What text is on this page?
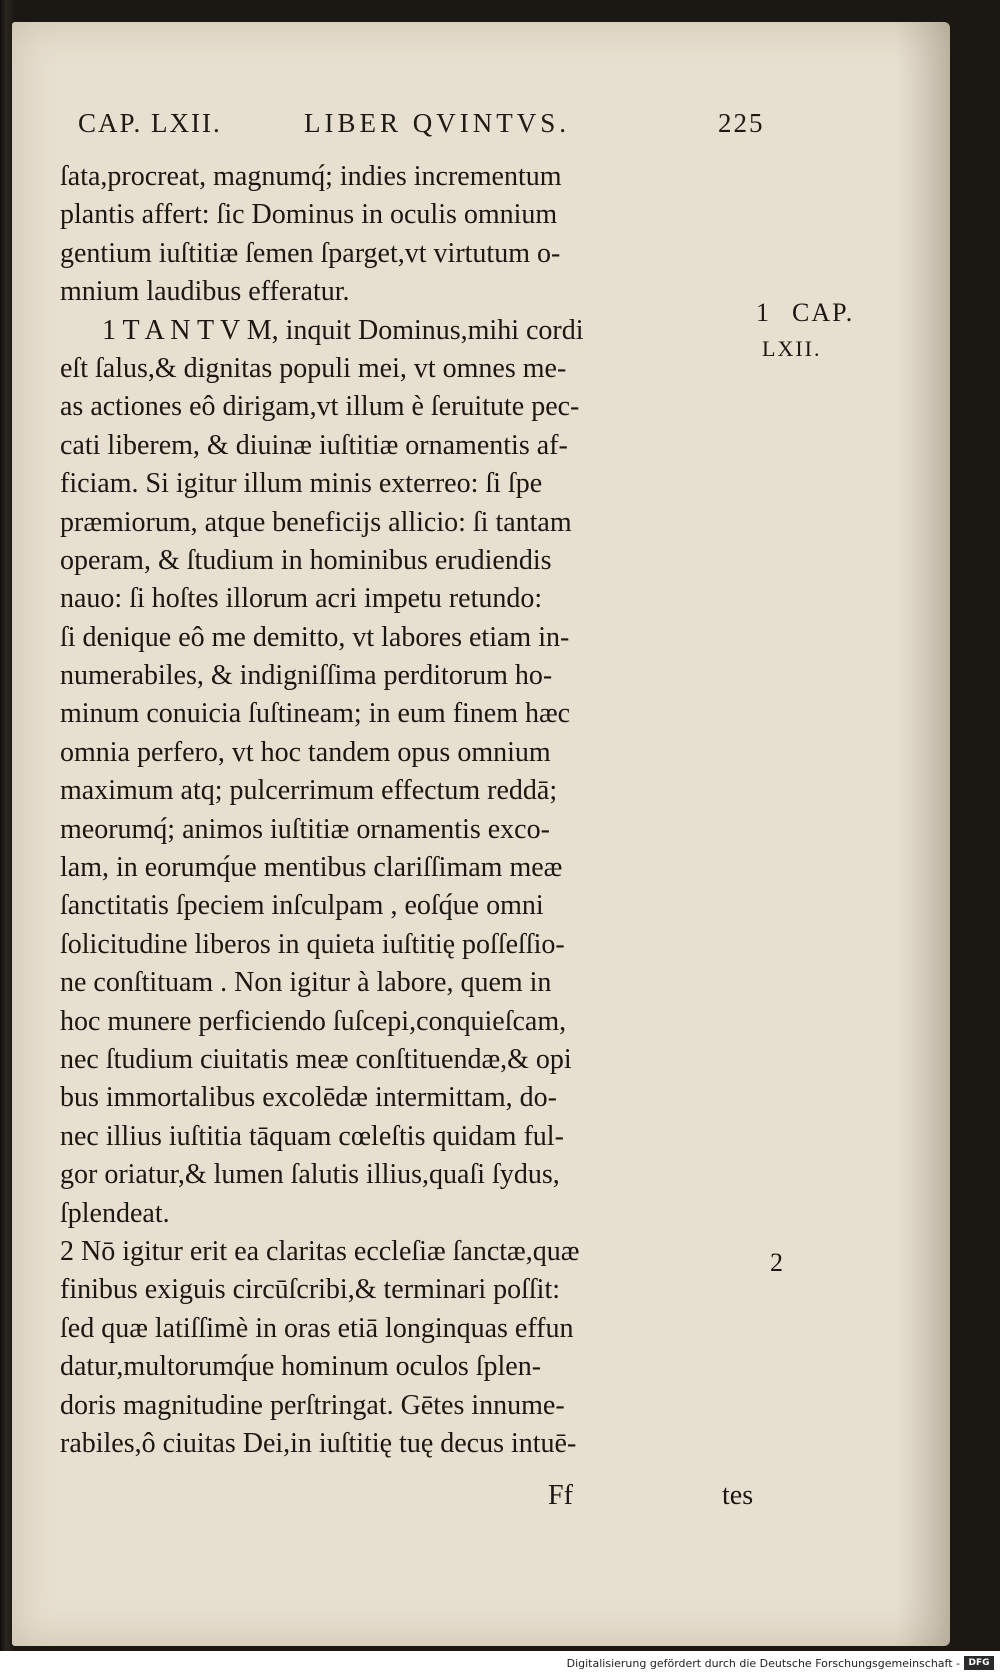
CAP. LXII.	LIBER QVINTVS.	225
ſata,procreat, magnumq́; indies incrementum
plantis affert: ſic Dominus in oculis omnium
gentium iuſtitiæ ſemen ſparget,vt virtutum o-
mnium laudibus efferatur.
1 T A N T V M, inquit Dominus,mihi cordi
eſt ſalus,& dignitas populi mei, vt omnes me-
as actiones eô dirigam,vt illum è ſeruitute pec-
cati liberem, & diuinæ iuſtitiæ ornamentis af-
ficiam. Si igitur illum minis exterreo: ſi ſpe
præmiorum, atque beneficijs allicio: ſi tantam
operam, & ſtudium in hominibus erudiendis
nauo: ſi hoſtes illorum acri impetu retundo:
ſi denique eô me demitto, vt labores etiam in-
numerabiles, & indigniſſima perditorum ho-
minum conuicia ſuſtineam; in eum finem hæc
omnia perfero, vt hoc tandem opus omnium
maximum atq; pulcerrimum effectum reddā;
meorumq́; animos iuſtitiæ ornamentis exco-
lam, in eorumq́ue mentibus clariſſimam meæ
ſanctitatis ſpeciem inſculpam , eoſq́ue omni
ſolicitudine liberos in quieta iuſtitię poſſeſſio-
ne conſtituam . Non igitur à labore, quem in
hoc munere perficiendo ſuſcepi,conquieſcam,
nec ſtudium ciuitatis meæ conſtituendæ,& opi
bus immortalibus excolēdæ intermittam, do-
nec illius iuſtitia tāquam cœleſtis quidam ful-
gor oriatur,& lumen ſalutis illius,quaſi ſydus,
ſplendeat.
2 Nō igitur erit ea claritas eccleſiæ ſanctæ,quæ
finibus exiguis circūſcribi,& terminari poſſit:
ſed quæ latiſſimè in oras etiā longinquas effun
datur,multorumq́ue hominum oculos ſplen-
doris magnitudine perſtringat. Gētes innume-
rabiles,ô ciuitas Dei,in iuſtitię tuę decus intuē-
1 CAP.
LXII.
2
Ff	tes
Digitalisierung gefördert durch die Deutsche Forschungsgemeinschaft - DFG
